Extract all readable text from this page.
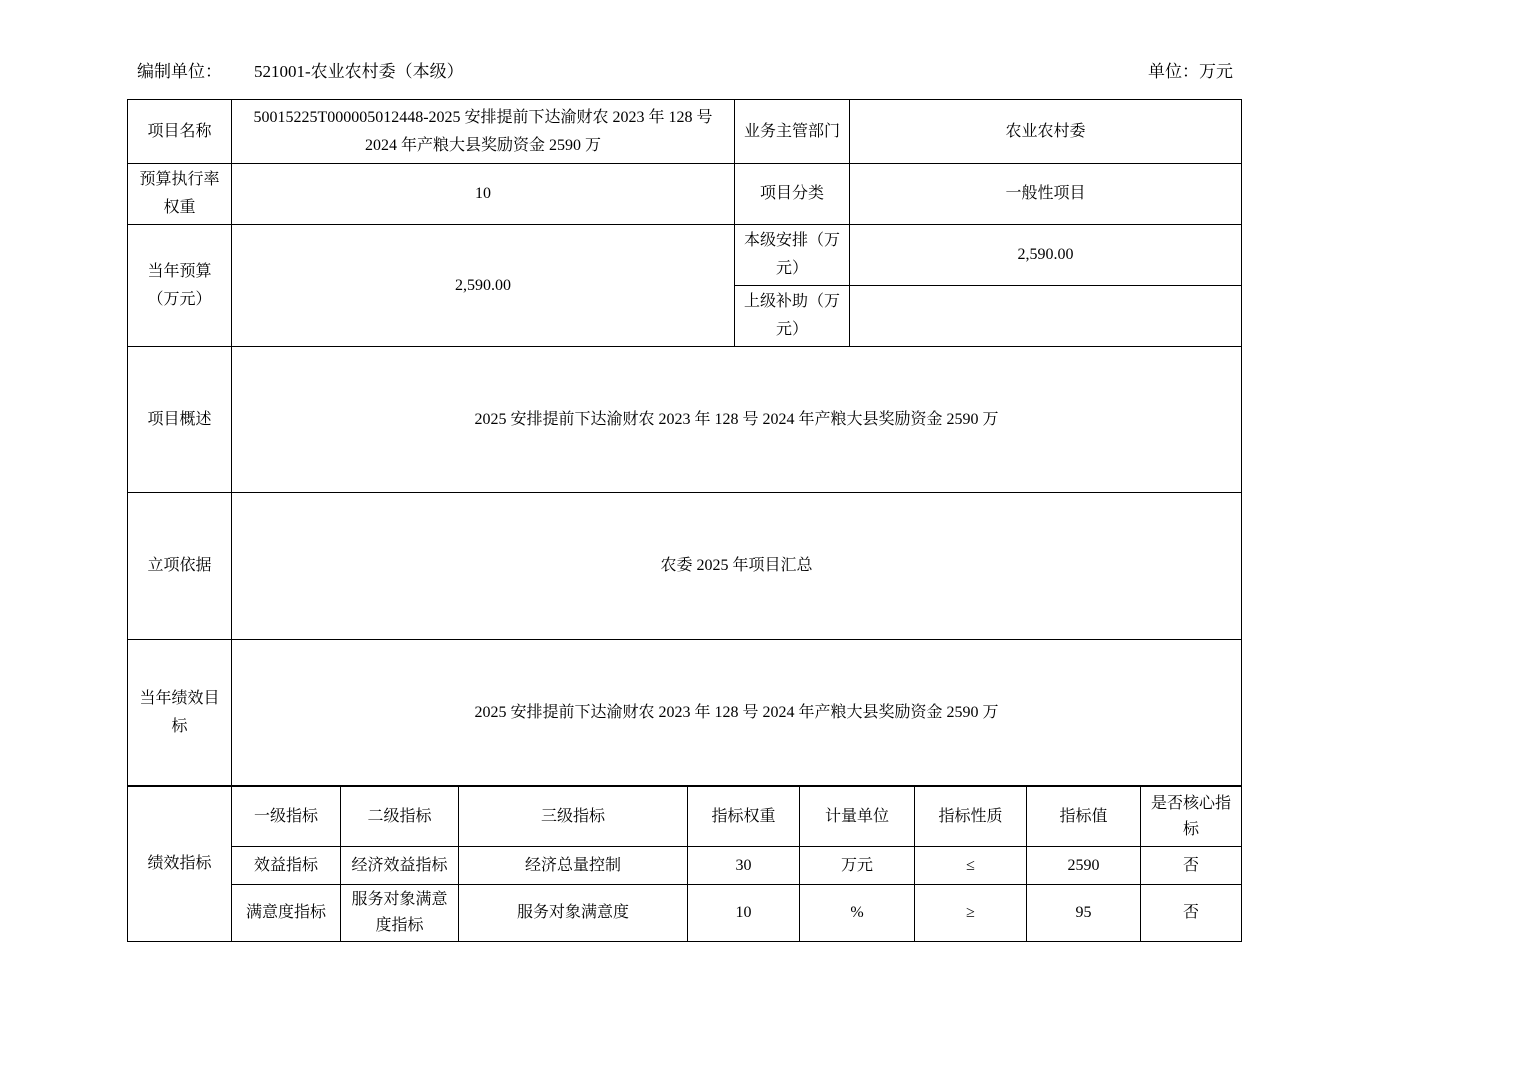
编制单位： 521001-农业农村委（本级）	单位：万元
项目名称	50015225T000005012448-2025 安排提前下达渝财农 2023 年 128 号 2024 年产粮大县奖励资金 2590 万	业务主管部门	农业农村委
预算执行率权重	10	项目分类	一般性项目
当年预算（万元）	2,590.00	本级安排（万元）	2,590.00
		上级补助（万元）	
项目概述	2025 安排提前下达渝财农 2023 年 128 号 2024 年产粮大县奖励资金 2590 万		
立项依据	农委 2025 年项目汇总		
当年绩效目标	2025 安排提前下达渝财农 2023 年 128 号 2024 年产粮大县奖励资金 2590 万		
绩效指标	一级指标	二级指标	三级指标	指标权重	计量单位	指标性质	指标值	是否核心指标
	效益指标	经济效益指标	经济总量控制	30	万元	≤	2590	否
	满意度指标	服务对象满意度指标	服务对象满意度	10	%	≥	95	否
